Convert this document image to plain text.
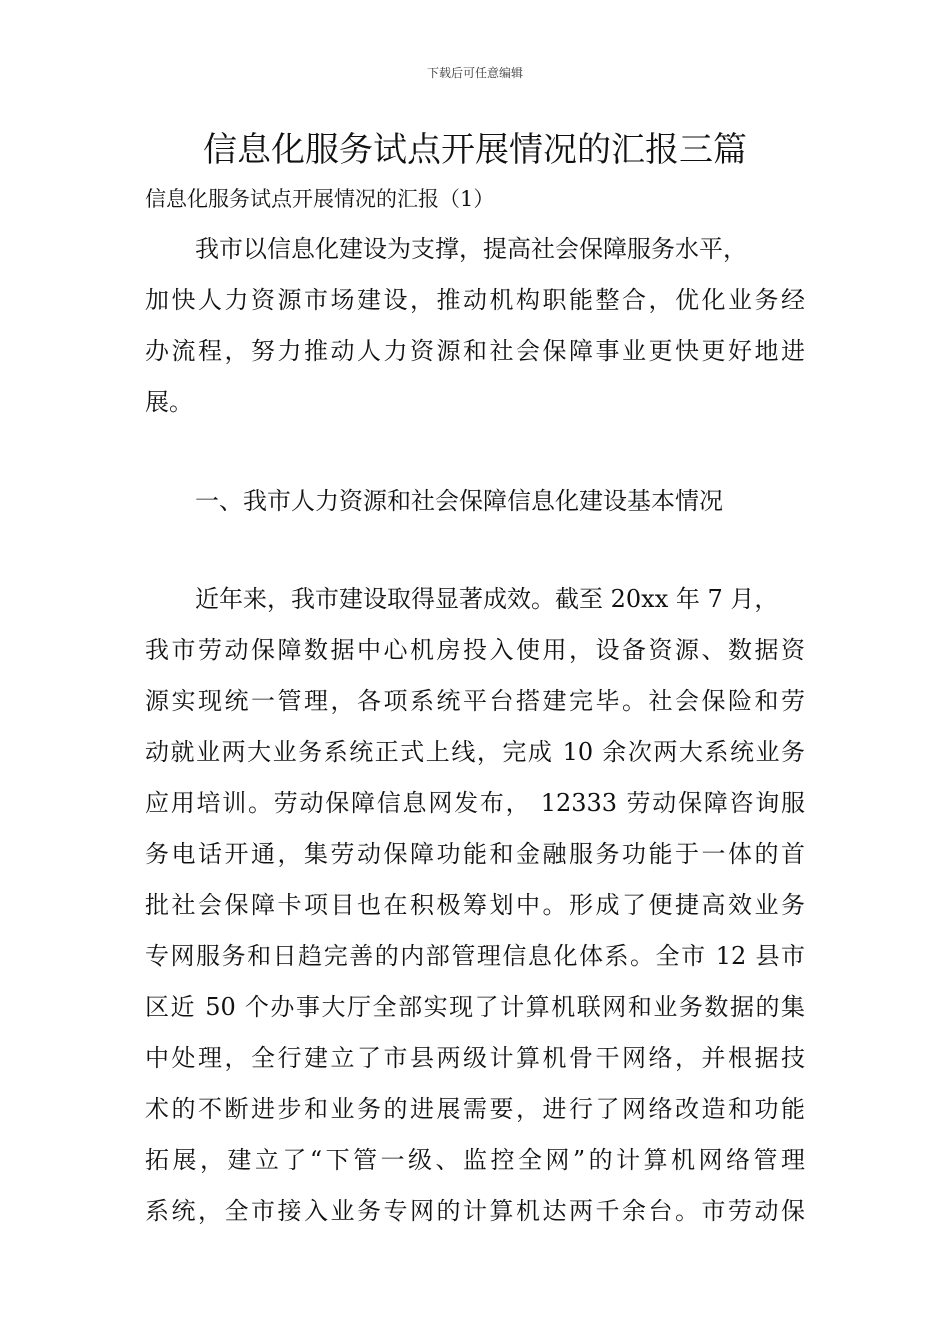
下载后可任意编辑
信息化服务试点开展情况的汇报三篇
信息化服务试点开展情况的汇报（1）
我市以信息化建设为支撑，提高社会保障服务水平，
加快人力资源市场建设，推动机构职能整合，优化业务经
办流程，努力推动人力资源和社会保障事业更快更好地进
展。
一、我市人力资源和社会保障信息化建设基本情况
近年来，我市建设取得显著成效。截至 20xx 年 7 月，
我市劳动保障数据中心机房投入使用，设备资源、数据资
源实现统一管理，各项系统平台搭建完毕。社会保险和劳
动就业两大业务系统正式上线，完成 10 余次两大系统业务
应用培训。劳动保障信息网发布， 12333 劳动保障咨询服
务电话开通，集劳动保障功能和金融服务功能于一体的首
批社会保障卡项目也在积极筹划中。形成了便捷高效业务
专网服务和日趋完善的内部管理信息化体系。全市 12 县市
区近 50 个办事大厅全部实现了计算机联网和业务数据的集
中处理，全行建立了市县两级计算机骨干网络，并根据技
术的不断进步和业务的进展需要，进行了网络改造和功能
拓展，建立了“下管一级、监控全网”的计算机网络管理
系统，全市接入业务专网的计算机达两千余台。市劳动保
